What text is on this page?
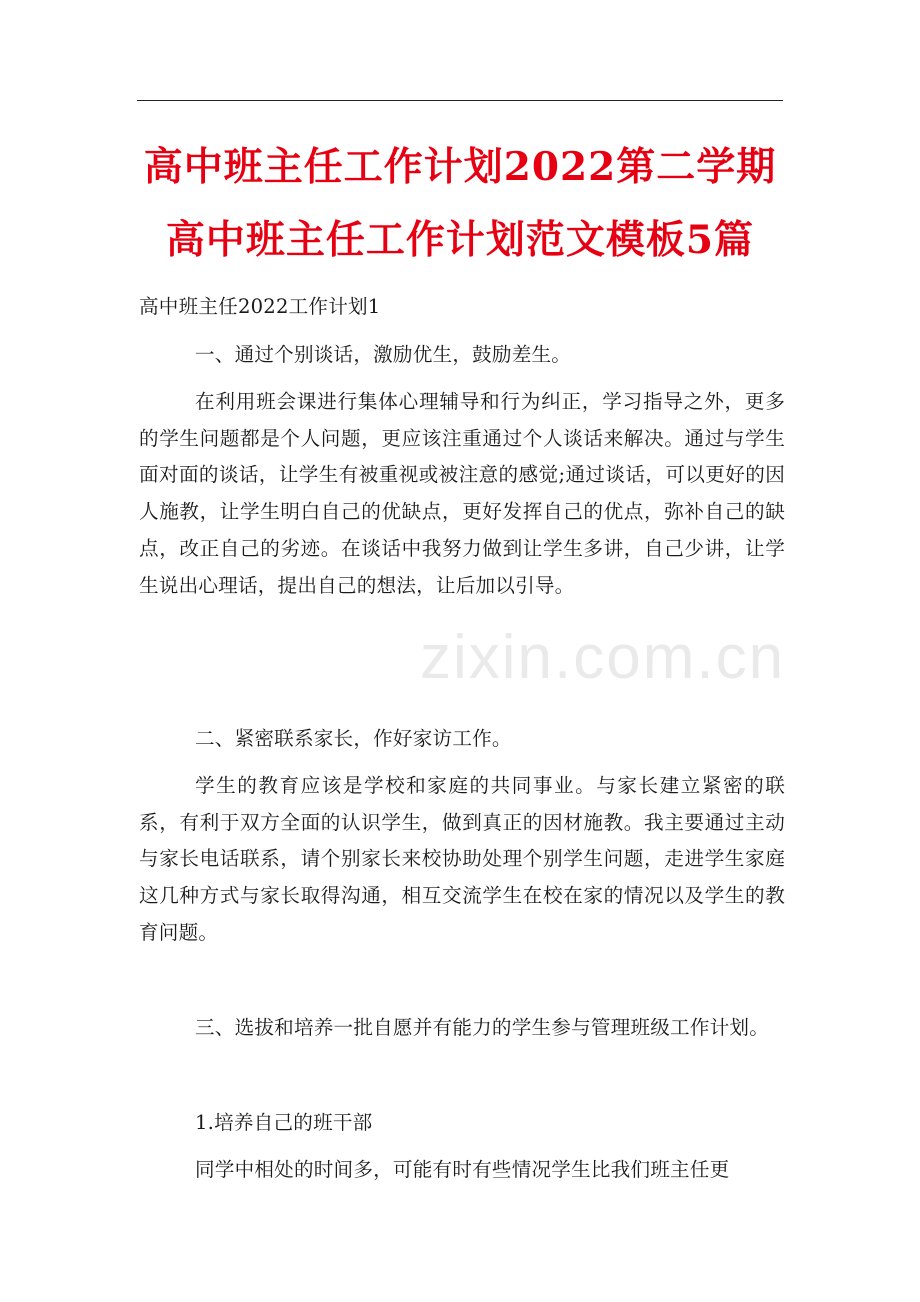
高中班主任工作计划2022第二学期
高中班主任工作计划范文模板5篇
高中班主任2022工作计划1
一、通过个别谈话，激励优生，鼓励差生。
在利用班会课进行集体心理辅导和行为纠正，学习指导之外，更多的学生问题都是个人问题，更应该注重通过个人谈话来解决。通过与学生面对面的谈话，让学生有被重视或被注意的感觉;通过谈话，可以更好的因人施教，让学生明白自己的优缺点，更好发挥自己的优点，弥补自己的缺点，改正自己的劣迹。在谈话中我努力做到让学生多讲，自己少讲，让学生说出心理话，提出自己的想法，让后加以引导。
二、紧密联系家长，作好家访工作。
学生的教育应该是学校和家庭的共同事业。与家长建立紧密的联系，有利于双方全面的认识学生，做到真正的因材施教。我主要通过主动与家长电话联系，请个别家长来校协助处理个别学生问题，走进学生家庭这几种方式与家长取得沟通，相互交流学生在校在家的情况以及学生的教育问题。
三、选拔和培养一批自愿并有能力的学生参与管理班级工作计划。
1.培养自己的班干部
同学中相处的时间多，可能有时有些情况学生比我们班主任更
zixin.com.cn
